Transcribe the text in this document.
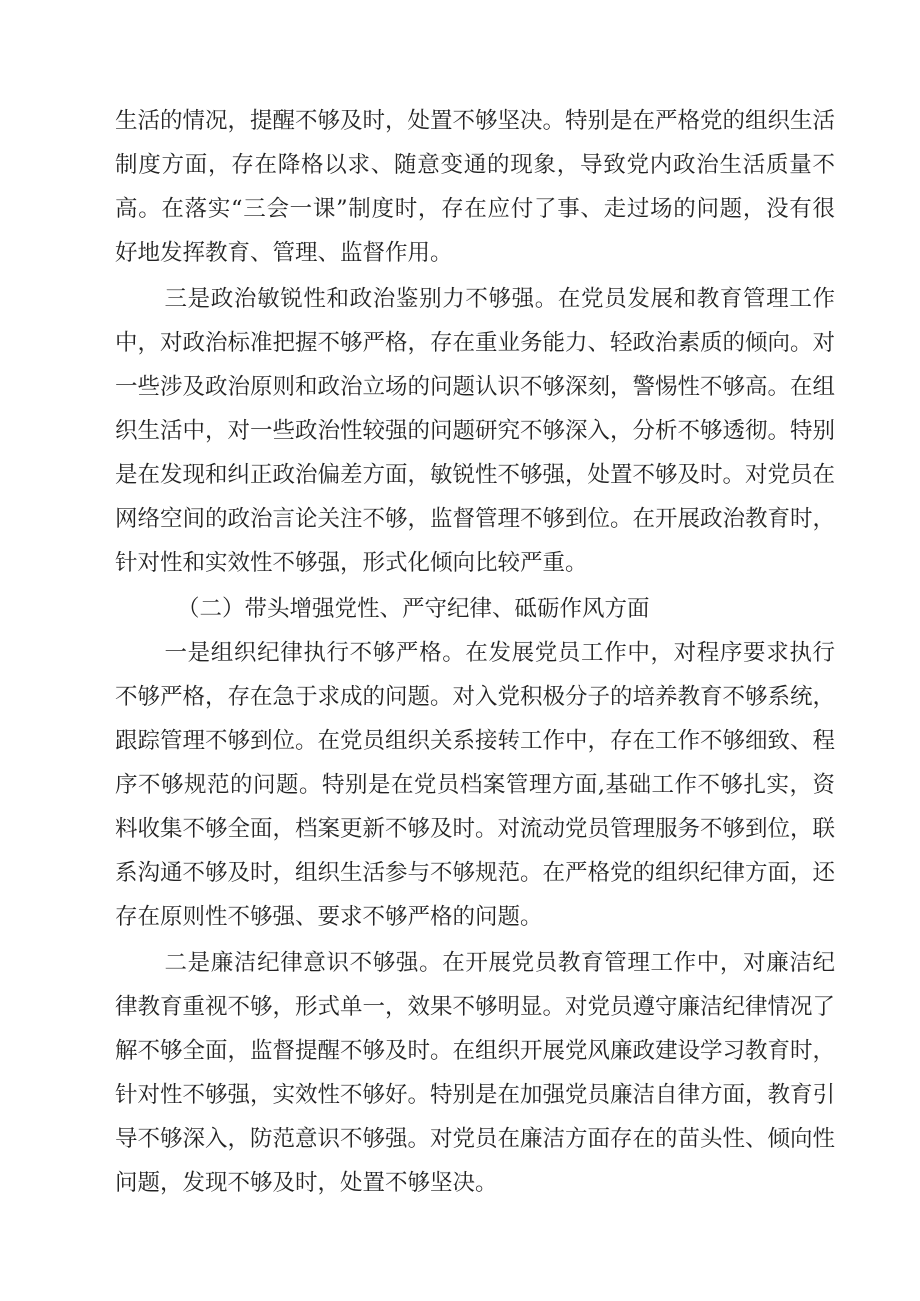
生活的情况，提醒不够及时，处置不够坚决。特别是在严格党的组织生活制度方面，存在降格以求、随意变通的现象，导致党内政治生活质量不高。在落实“三会一课”制度时，存在应付了事、走过场的问题，没有很好地发挥教育、管理、监督作用。

三是政治敏锐性和政治鉴别力不够强。在党员发展和教育管理工作中，对政治标准把握不够严格，存在重业务能力、轻政治素质的倾向。对一些涉及政治原则和政治立场的问题认识不够深刻，警惕性不够高。在组织生活中，对一些政治性较强的问题研究不够深入，分析不够透彻。特别是在发现和纠正政治偏差方面，敏锐性不够强，处置不够及时。对党员在网络空间的政治言论关注不够，监督管理不够到位。在开展政治教育时，针对性和实效性不够强，形式化倾向比较严重。

（二）带头增强党性、严守纪律、砥砺作风方面

一是组织纪律执行不够严格。在发展党员工作中，对程序要求执行不够严格，存在急于求成的问题。对入党积极分子的培养教育不够系统，跟踪管理不够到位。在党员组织关系接转工作中，存在工作不够细致、程序不够规范的问题。特别是在党员档案管理方面,基础工作不够扎实，资料收集不够全面，档案更新不够及时。对流动党员管理服务不够到位，联系沟通不够及时，组织生活参与不够规范。在严格党的组织纪律方面，还存在原则性不够强、要求不够严格的问题。

二是廉洁纪律意识不够强。在开展党员教育管理工作中，对廉洁纪律教育重视不够，形式单一，效果不够明显。对党员遵守廉洁纪律情况了解不够全面，监督提醒不够及时。在组织开展党风廉政建设学习教育时，针对性不够强，实效性不够好。特别是在加强党员廉洁自律方面，教育引导不够深入，防范意识不够强。对党员在廉洁方面存在的苗头性、倾向性问题，发现不够及时，处置不够坚决。
